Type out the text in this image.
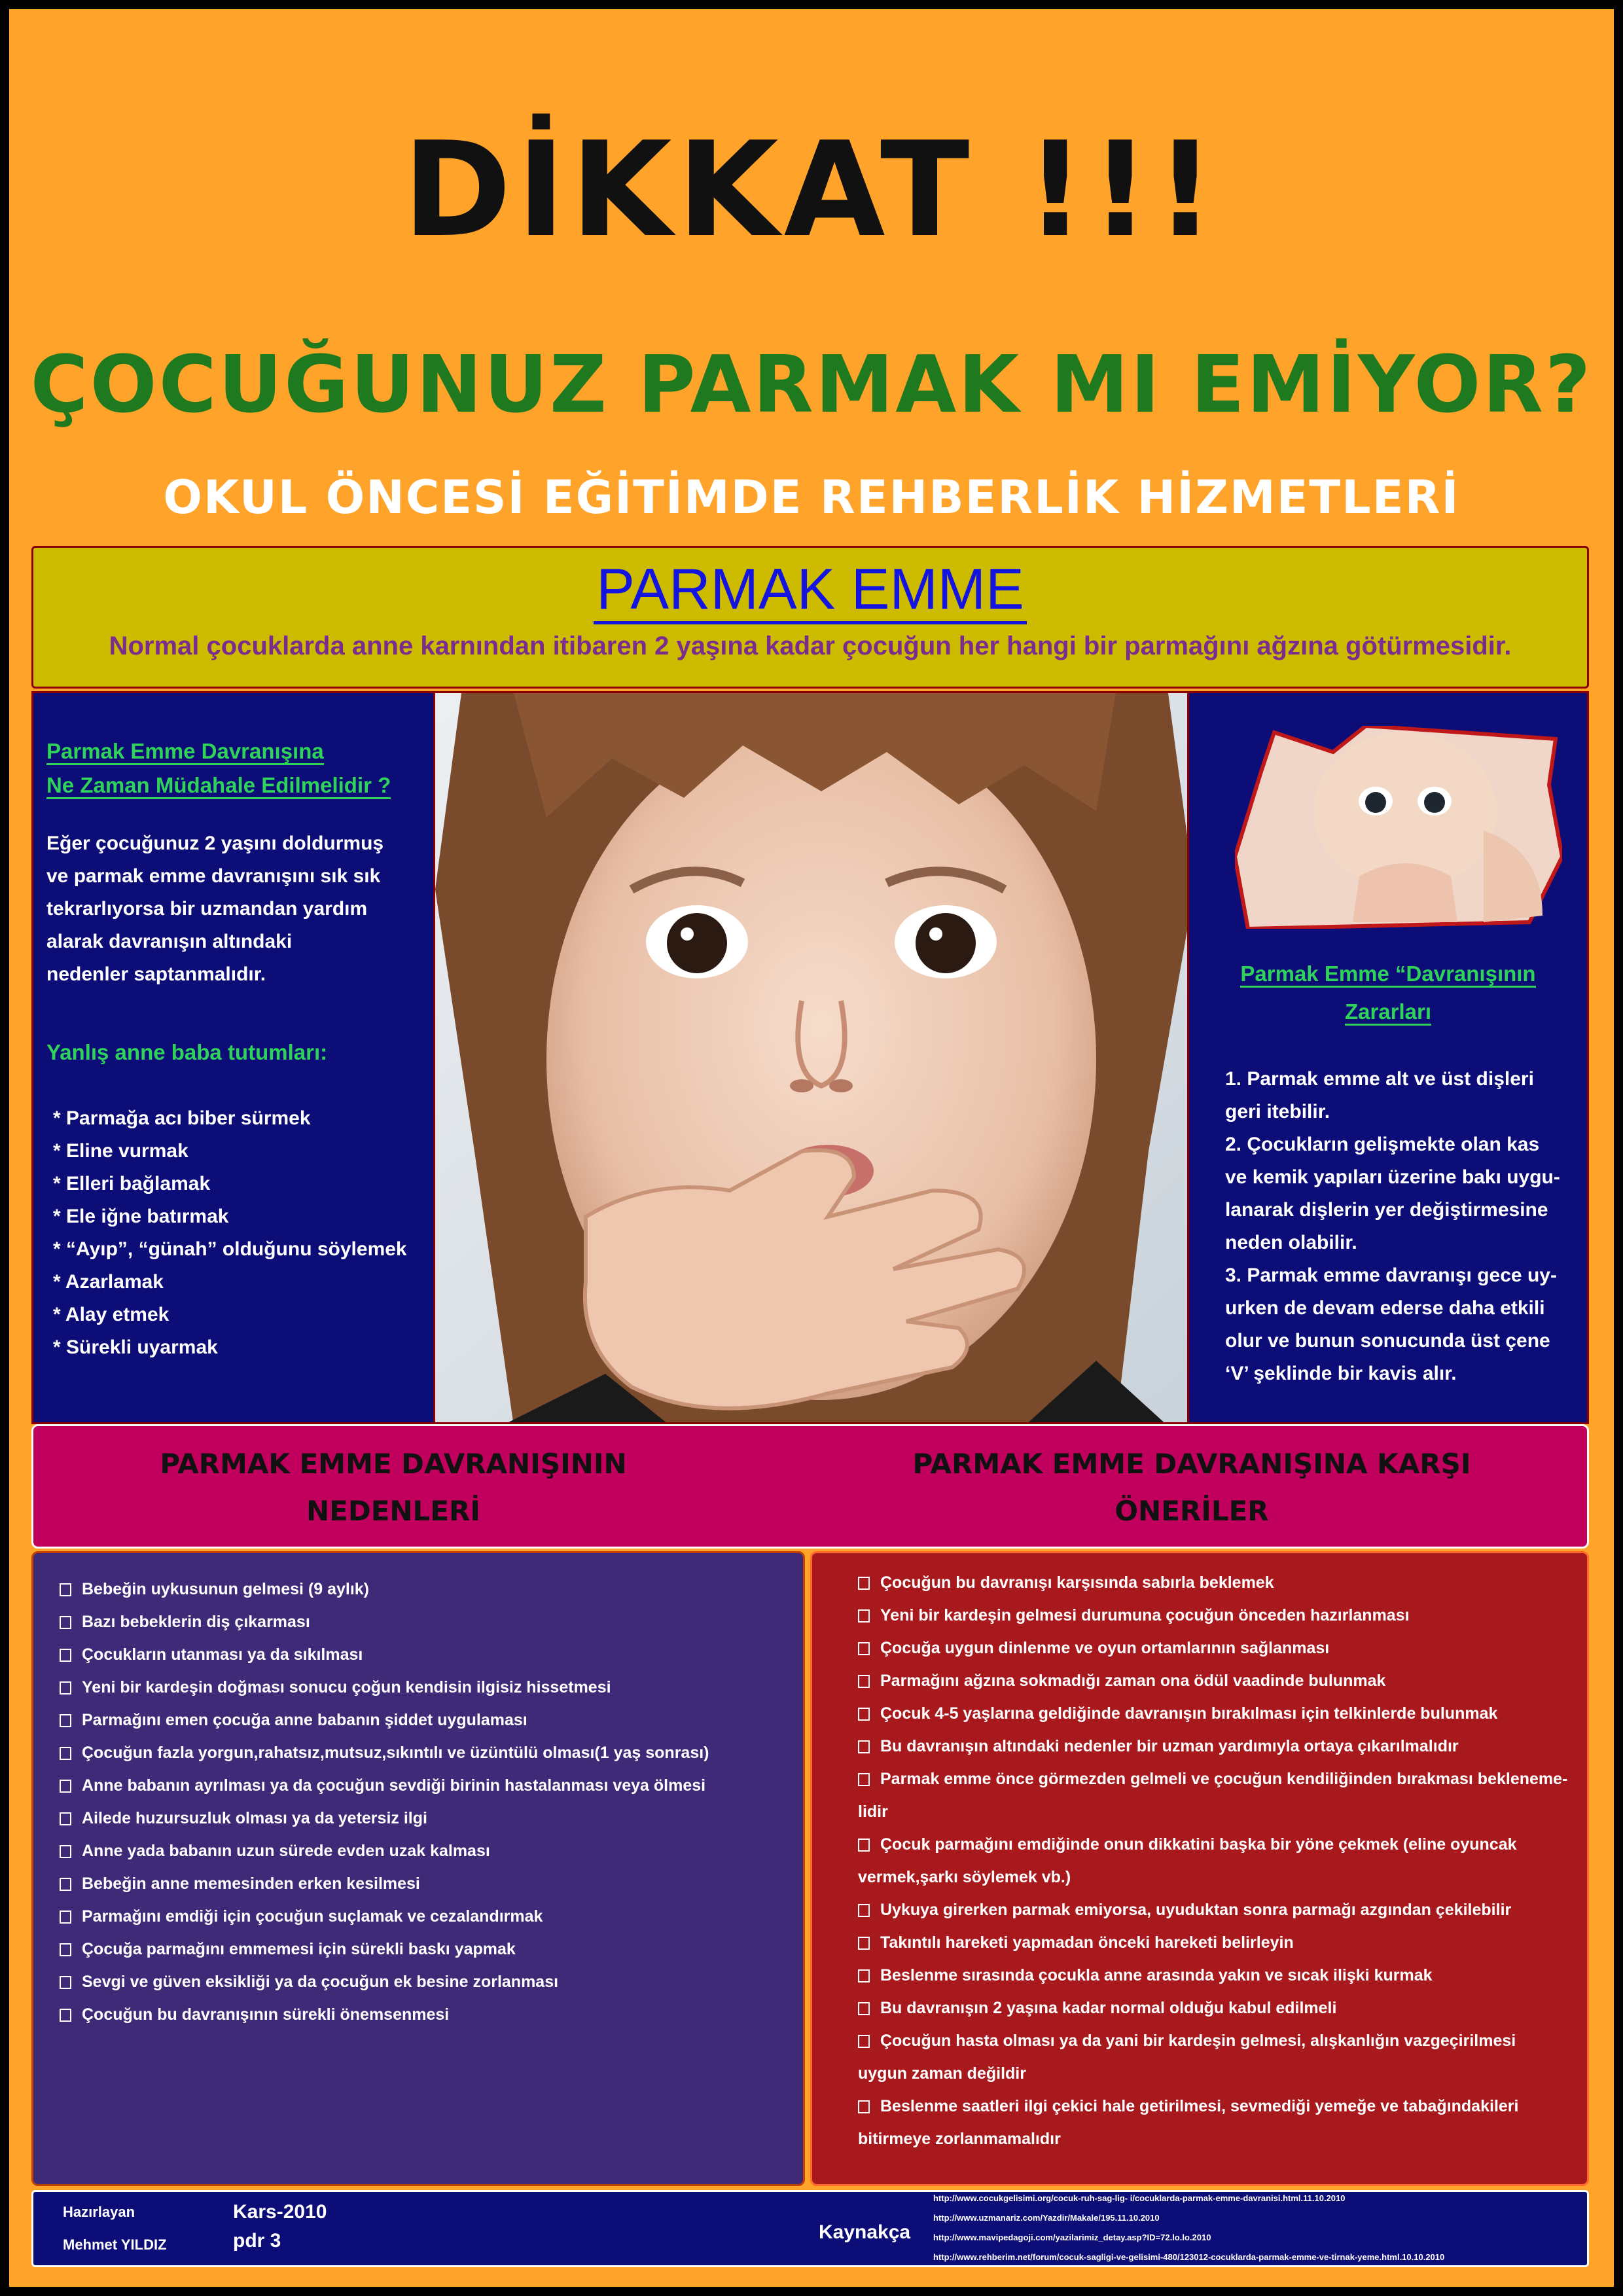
DİKKAT !!!
ÇOCUĞUNUZ PARMAK MI EMİYOR?
OKUL ÖNCESİ EĞİTİMDE REHBERLİK HİZMETLERİ
PARMAK EMME
Normal çocuklarda anne karnından itibaren 2 yaşına kadar çocuğun her hangi bir parmağını ağzına götürmesidir.
Parmak Emme Davranışına
Ne Zaman Müdahale Edilmelidir ?
Eğer çocuğunuz 2 yaşını doldurmuş
ve parmak emme davranışını sık sık
tekrarlıyorsa bir uzmandan yardım
alarak davranışın altındaki
nedenler saptanmalıdır.
Yanlış anne baba tutumları:
* Parmağa acı biber sürmek
* Eline vurmak
* Elleri bağlamak
* Ele iğne batırmak
* “Ayıp”, “günah” olduğunu söylemek
* Azarlamak
* Alay etmek
* Sürekli uyarmak
Parmak Emme “Davranışının
Zararları
1. Parmak emme alt ve üst dişleri
geri itebilir.
2. Çocukların gelişmekte olan kas
ve kemik yapıları üzerine bakı uygu-
lanarak dişlerin yer değiştirmesine
neden olabilir.
3. Parmak emme davranışı gece uy-
urken de devam ederse daha etkili
olur ve bunun sonucunda üst çene
‘V’ şeklinde bir kavis alır.
PARMAK EMME DAVRANIŞININ
NEDENLERİ
PARMAK EMME DAVRANIŞINA KARŞI
ÖNERİLER
Bebeğin uykusunun gelmesi (9 aylık)
Bazı bebeklerin diş çıkarması
Çocukların utanması ya da sıkılması
Yeni bir kardeşin doğması sonucu çoğun kendisin ilgisiz hissetmesi
Parmağını emen çocuğa anne babanın şiddet uygulaması
Çocuğun fazla yorgun,rahatsız,mutsuz,sıkıntılı ve üzüntülü olması(1 yaş sonrası)
Anne babanın ayrılması ya da çocuğun sevdiği birinin hastalanması veya ölmesi
Ailede huzursuzluk olması ya da yetersiz ilgi
Anne yada babanın uzun sürede evden uzak kalması
Bebeğin anne memesinden erken kesilmesi
Parmağını emdiği için çocuğun suçlamak ve cezalandırmak
Çocuğa parmağını emmemesi için sürekli baskı yapmak
Sevgi ve güven eksikliği ya da çocuğun ek besine zorlanması
Çocuğun bu davranışının sürekli önemsenmesi
Çocuğun bu davranışı karşısında sabırla beklemek
Yeni bir kardeşin gelmesi durumuna çocuğun önceden hazırlanması
Çocuğa uygun dinlenme ve oyun ortamlarının sağlanması
Parmağını ağzına sokmadığı zaman ona ödül vaadinde bulunmak
Çocuk 4-5 yaşlarına geldiğinde davranışın bırakılması için telkinlerde bulunmak
Bu davranışın altındaki nedenler bir uzman yardımıyla ortaya çıkarılmalıdır
Parmak emme önce görmezden gelmeli ve çocuğun kendiliğinden bırakması bekleneme-
lidir
Çocuk parmağını emdiğinde onun dikkatini başka bir yöne çekmek (eline oyuncak
vermek,şarkı söylemek vb.)
Uykuya girerken parmak emiyorsa, uyuduktan sonra parmağı azgından çekilebilir
Takıntılı hareketi yapmadan önceki hareketi belirleyin
Beslenme sırasında çocukla anne arasında yakın ve sıcak ilişki kurmak
Bu davranışın 2 yaşına kadar normal olduğu kabul edilmeli
Çocuğun hasta olması ya da yani bir kardeşin gelmesi, alışkanlığın vazgeçirilmesi
uygun zaman değildir
Beslenme saatleri ilgi çekici hale getirilmesi, sevmediği yemeğe ve tabağındakileri
bitirmeye zorlanmamalıdır
Hazırlayan
Mehmet YILDIZ
Kars-2010
pdr 3	Kaynakça
http://www.cocukgelisimi.org/cocuk-ruh-sag-lig- i/cocuklarda-parmak-emme-davranisi.html.11.10.2010
http://www.uzmanariz.com/Yazdir/Makale/195.11.10.2010
http://www.mavipedagoji.com/yazilarimiz_detay.asp?ID=72.lo.lo.2010
http://www.rehberim.net/forum/cocuk-sagligi-ve-gelisimi-480/123012-cocuklarda-parmak-emme-ve-tirnak-yeme.html.10.10.2010
